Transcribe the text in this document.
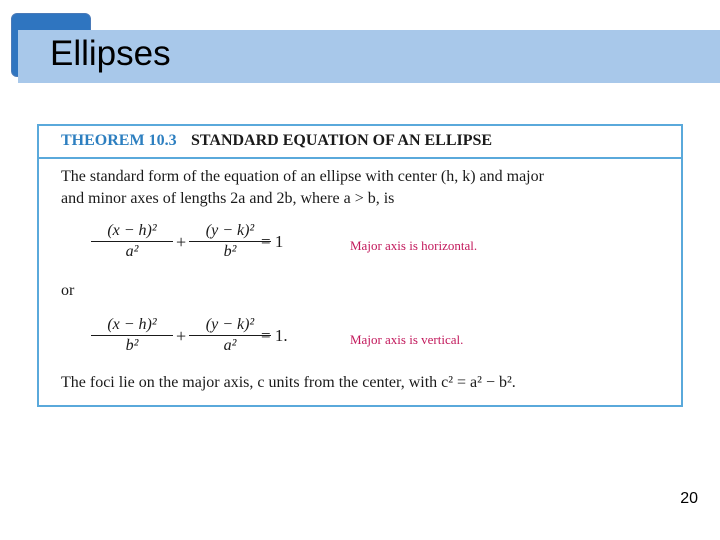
Ellipses
THEOREM 10.3 STANDARD EQUATION OF AN ELLIPSE
The standard form of the equation of an ellipse with center (h, k) and major
and minor axes of lengths 2a and 2b, where a > b, is
(x − h)²
a²	+
(y − k)²
b²
= 1	Major axis is horizontal.
or
(x − h)²
b²	+
(y − k)²
a²
= 1.	Major axis is vertical.
The foci lie on the major axis, c units from the center, with c² = a² − b².
20
